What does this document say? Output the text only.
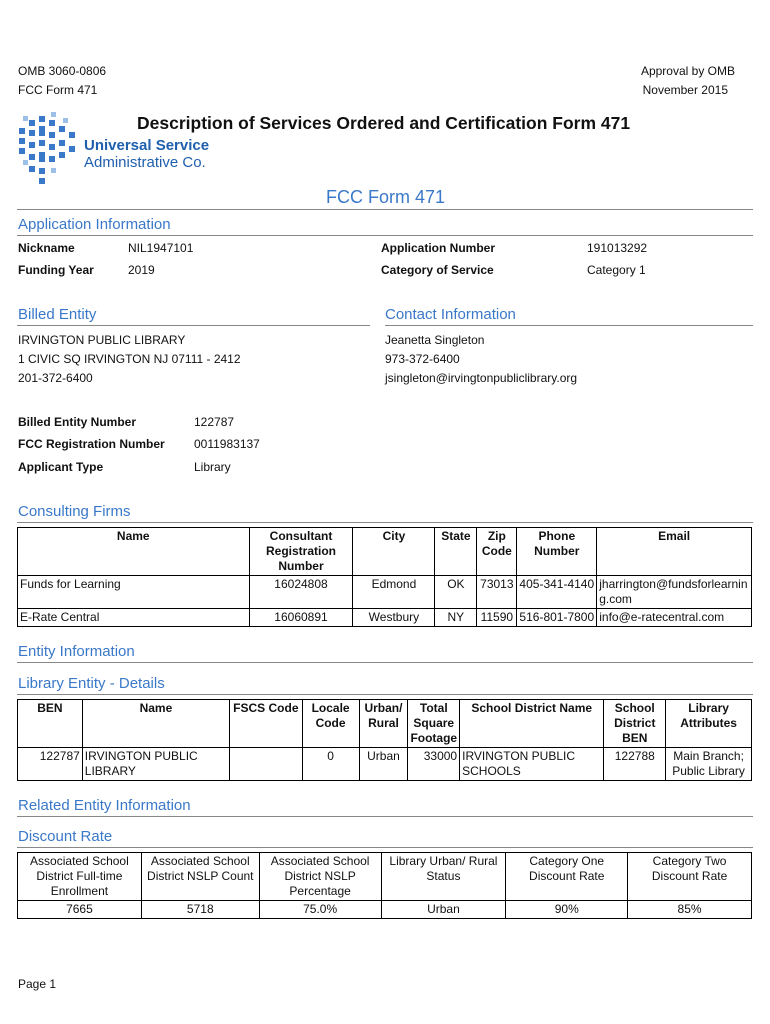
OMB 3060-0806
FCC Form 471
Approval by OMB
November 2015
Universal Service
Administrative Co.
Description of Services Ordered and Certification Form 471
FCC Form 471
Application Information
Nickname	NIL1947101	Application Number	191013292
Funding Year	2019	Category of Service	Category 1
Billed Entity	Contact Information
IRVINGTON PUBLIC LIBRARY
1 CIVIC SQ IRVINGTON NJ 07111 - 2412
201-372-6400
Jeanetta Singleton
973-372-6400
jsingleton@irvingtonpubliclibrary.org
Billed Entity Number	122787
FCC Registration Number 0011983137
Applicant Type	Library
Consulting Firms
Name	Consultant Registration Number	City	State	Zip Code	Phone Number	Email
Funds for Learning	16024808	Edmond	OK	73013	405-341-4140	jharrington@fundsforlearning.com
E-Rate Central	16060891	Westbury	NY	11590	516-801-7800	info@e-ratecentral.com
Entity Information
Library Entity - Details
BEN	Name	FSCS Code	Locale Code	Urban/ Rural	Total Square Footage	School District Name	School District BEN	Library Attributes
122787	IRVINGTON PUBLIC LIBRARY		0	Urban	33000	IRVINGTON PUBLIC SCHOOLS	122788	Main Branch; Public Library
Related Entity Information
Discount Rate
Associated School District Full-time Enrollment	Associated School District NSLP Count	Associated School District NSLP Percentage	Library Urban/ Rural Status	Category One Discount Rate	Category Two Discount Rate
7665	5718	75.0%	Urban	90%	85%
Page 1
